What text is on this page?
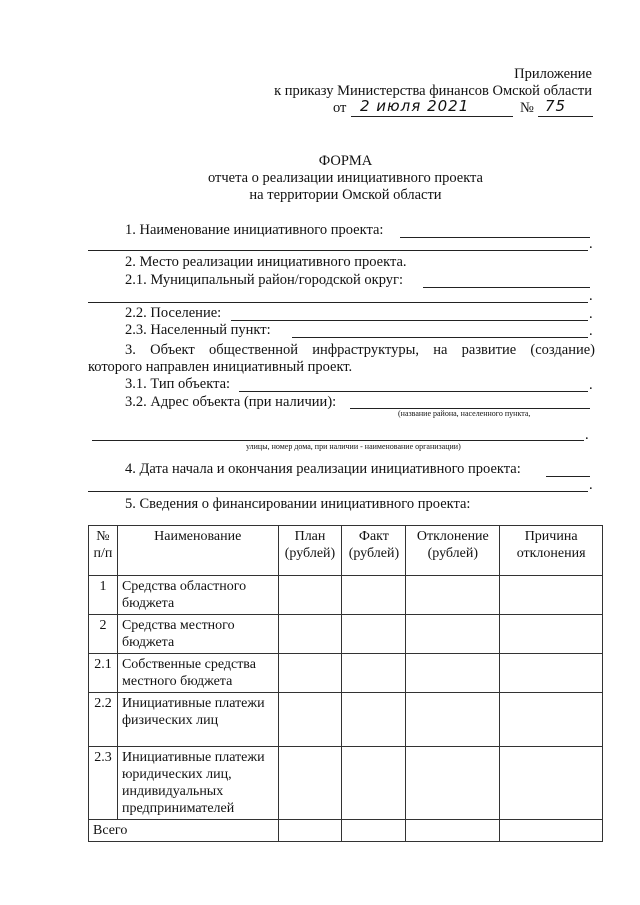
Приложение
к приказу Министерства финансов Омской области
от 2 июля 2021	№ 75
ФОРМА
отчета о реализации инициативного проекта
на территории Омской области
1. Наименование инициативного проекта:
.
2. Место реализации инициативного проекта.
2.1. Муниципальный район/городской округ:
.
2.2. Поселение:	.
2.3. Населенный пункт:	.
3. Объект общественной инфраструктуры, на развитие (создание)
которого направлен инициативный проект.
3.1. Тип объекта:	.
3.2. Адрес объекта (при наличии):
(название района, населенного пункта,
.
улицы, номер дома, при наличии - наименование организации)
4. Дата начала и окончания реализации инициативного проекта:
.
5. Сведения о финансировании инициативного проекта:
№ п/п	Наименование	План (рублей)	Факт (рублей)	Отклонение (рублей)	Причина отклонения
1	Средства областного бюджета				
2	Средства местного бюджета				
2.1	Собственные средства местного бюджета				
2.2	Инициативные платежи физических лиц				
2.3	Инициативные платежи юридических лиц, индивидуальных предпринимателей				
Всего					
